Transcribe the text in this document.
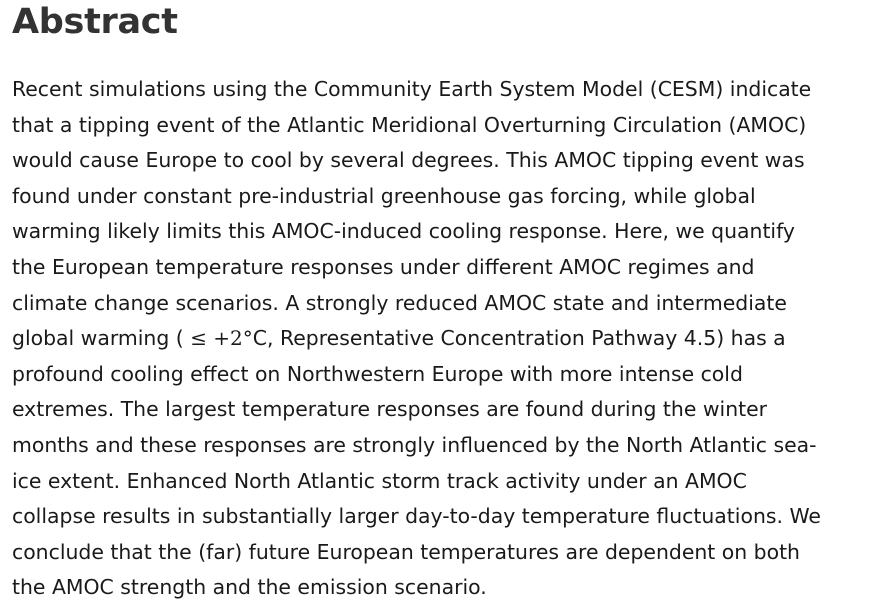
Abstract

Recent simulations using the Community Earth System Model (CESM) indicate
that a tipping event of the Atlantic Meridional Overturning Circulation (AMOC)
would cause Europe to cool by several degrees. This AMOC tipping event was
found under constant pre-industrial greenhouse gas forcing, while global
warming likely limits this AMOC-induced cooling response. Here, we quantify
the European temperature responses under different AMOC regimes and
climate change scenarios. A strongly reduced AMOC state and intermediate
global warming ( ≤ +2°C, Representative Concentration Pathway 4.5) has a
profound cooling effect on Northwestern Europe with more intense cold
extremes. The largest temperature responses are found during the winter
months and these responses are strongly influenced by the North Atlantic sea-
ice extent. Enhanced North Atlantic storm track activity under an AMOC
collapse results in substantially larger day-to-day temperature fluctuations. We
conclude that the (far) future European temperatures are dependent on both
the AMOC strength and the emission scenario.
